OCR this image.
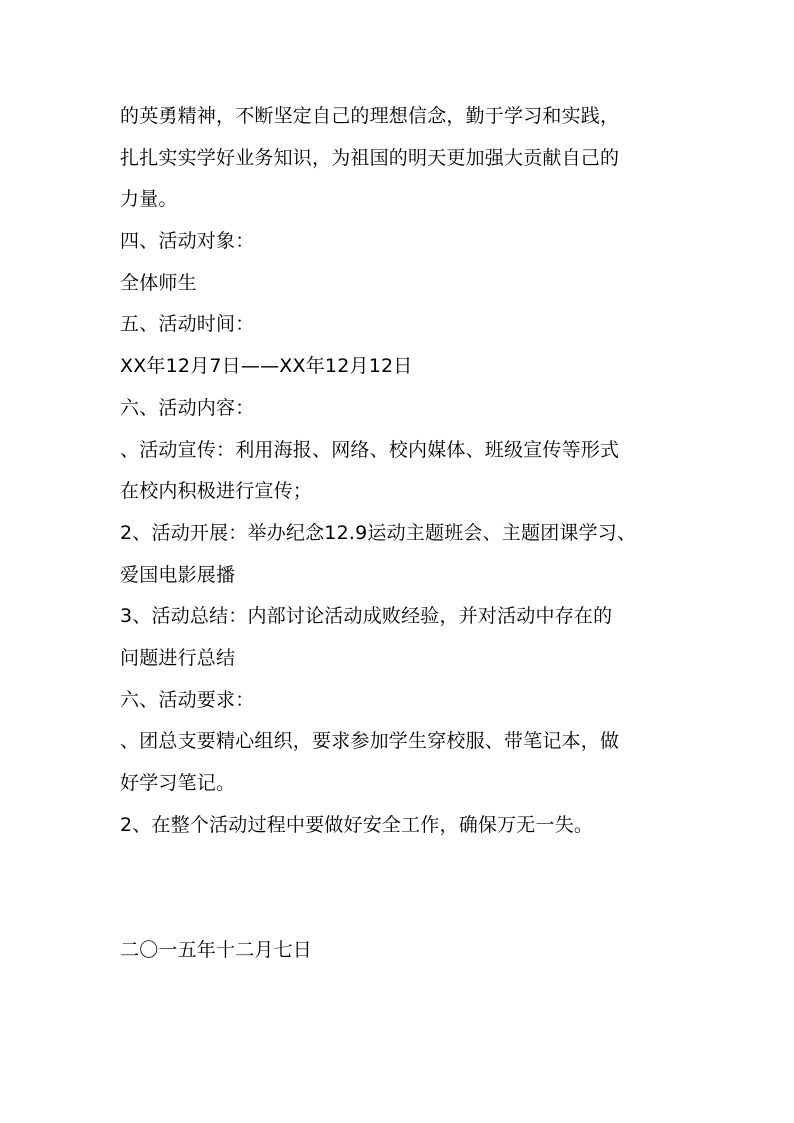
的英勇精神，不断坚定自己的理想信念，勤于学习和实践，
扎扎实实学好业务知识，为祖国的明天更加强大贡献自己的
力量。
四、活动对象：
全体师生
五、活动时间：
XX年12月7日——XX年12月12日
六、活动内容：
、活动宣传：利用海报、网络、校内媒体、班级宣传等形式
在校内积极进行宣传；
2、活动开展：举办纪念12.9运动主题班会、主题团课学习、
爱国电影展播
3、活动总结：内部讨论活动成败经验，并对活动中存在的
问题进行总结
六、活动要求：
、团总支要精心组织，要求参加学生穿校服、带笔记本，做
好学习笔记。
2、在整个活动过程中要做好安全工作，确保万无一失。
二〇一五年十二月七日
